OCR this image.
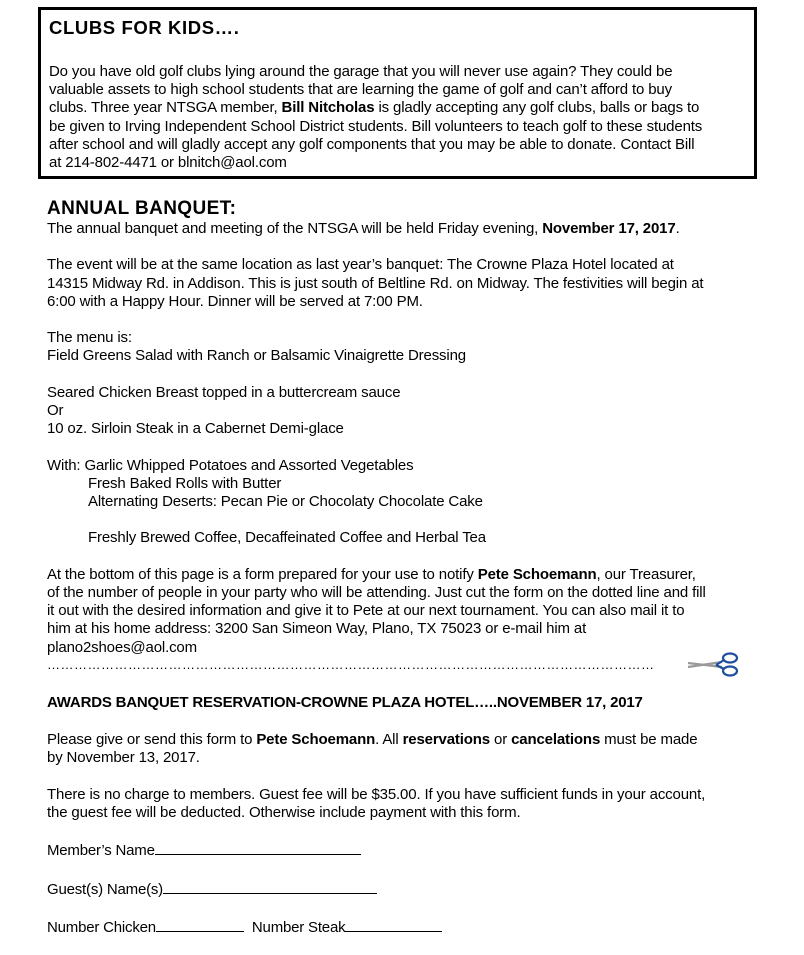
CLUBS FOR KIDS….

Do you have old golf clubs lying around the garage that you will never use again? They could be

valuable assets to high school students that are learning the game of golf and can’t afford to buy

clubs. Three year NTSGA member, Bill Nitcholas is gladly accepting any golf clubs, balls or bags to

be given to Irving Independent School District students. Bill volunteers to teach golf to these students

after school and will gladly accept any golf components that you may be able to donate. Contact Bill

at 214-802-4471 or blnitch@aol.com

ANNUAL BANQUET:

The annual banquet and meeting of the NTSGA will be held Friday evening, November 17, 2017.

The event will be at the same location as last year’s banquet: The Crowne Plaza Hotel located at

14315 Midway Rd. in Addison. This is just south of Beltline Rd. on Midway. The festivities will begin at

6:00 with a Happy Hour. Dinner will be served at 7:00 PM.

The menu is:

Field Greens Salad with Ranch or Balsamic Vinaigrette Dressing

Seared Chicken Breast topped in a buttercream sauce

Or

10 oz. Sirloin Steak in a Cabernet Demi-glace

With: Garlic Whipped Potatoes and Assorted Vegetables

Fresh Baked Rolls with Butter

Alternating Deserts: Pecan Pie or Chocolaty Chocolate Cake

Freshly Brewed Coffee, Decaffeinated Coffee and Herbal Tea

At the bottom of this page is a form prepared for your use to notify Pete Schoemann, our Treasurer,

of the number of people in your party who will be attending. Just cut the form on the dotted line and fill

it out with the desired information and give it to Pete at our next tournament. You can also mail it to

him at his home address: 3200 San Simeon Way, Plano, TX 75023 or e-mail him at

plano2shoes@aol.com

………………………………………………………………………………………………………………………

AWARDS BANQUET RESERVATION-CROWNE PLAZA HOTEL…..NOVEMBER 17, 2017

Please give or send this form to Pete Schoemann. All reservations or cancelations must be made

by November 13, 2017.

There is no charge to members. Guest fee will be $35.00. If you have sufficient funds in your account,

the guest fee will be deducted. Otherwise include payment with this form.

Member’s Name

Guest(s) Name(s)

Number Chicken	Number Steak
